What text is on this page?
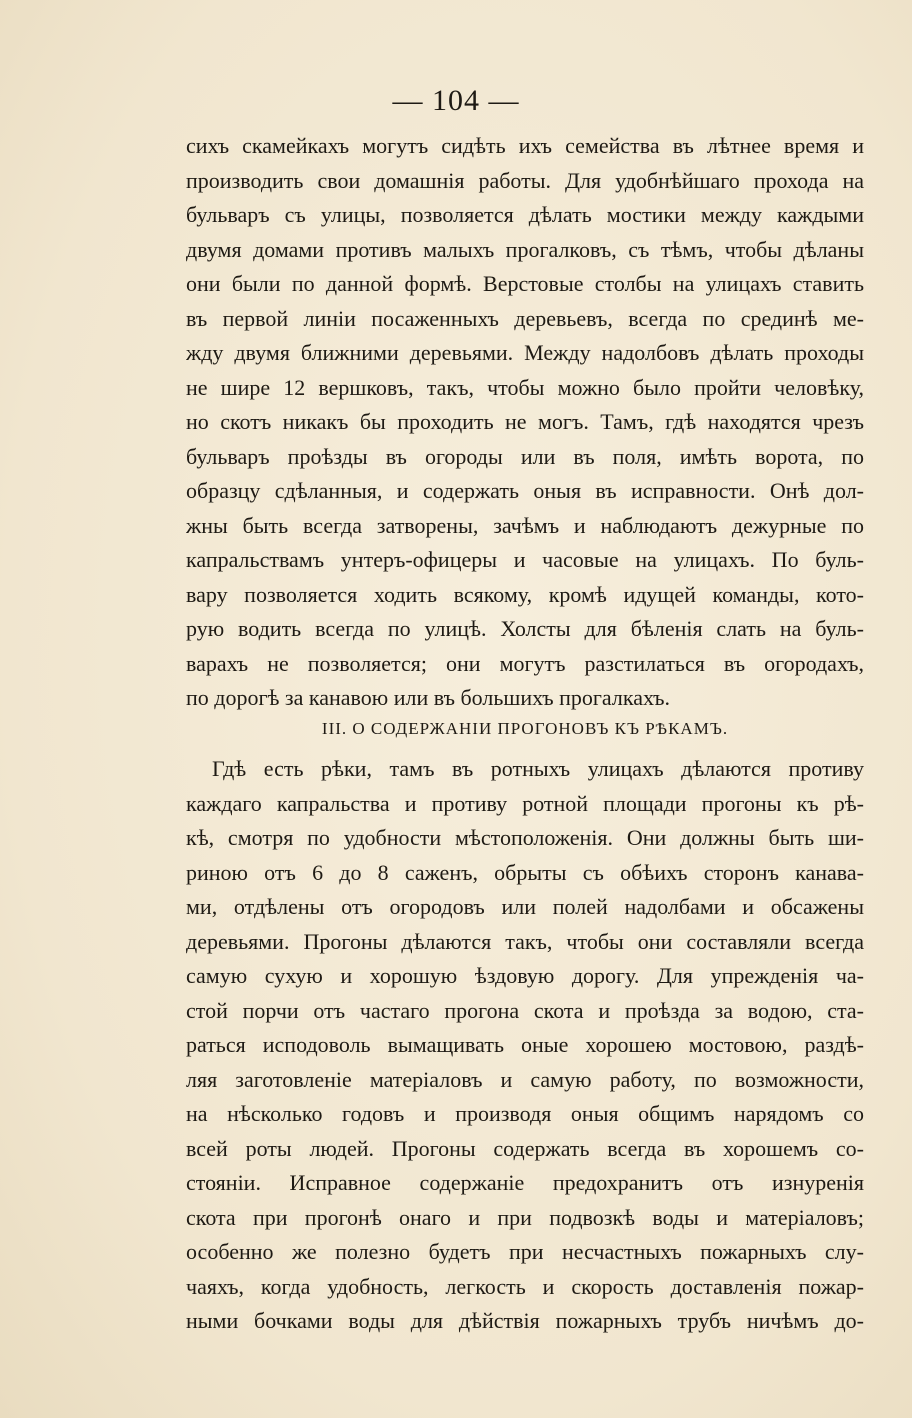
— 104 —
сихъ скамейкахъ могутъ сидѣть ихъ семейства въ лѣтнее время и
производить свои домашнія работы. Для удобнѣйшаго прохода на
бульваръ съ улицы, позволяется дѣлать мостики между каждыми
двумя домами противъ малыхъ прогалковъ, съ тѣмъ, чтобы дѣланы
они были по данной формѣ. Верстовые столбы на улицахъ ставить
въ первой линіи посаженныхъ деревьевъ, всегда по срединѣ ме-
жду двумя ближними деревьями. Между надолбовъ дѣлать проходы
не шире 12 вершковъ, такъ, чтобы можно было пройти человѣку,
но скотъ никакъ бы проходить не могъ. Тамъ, гдѣ находятся чрезъ
бульваръ проѣзды въ огороды или въ поля, имѣть ворота, по
образцу сдѣланныя, и содержать оныя въ исправности. Онѣ дол-
жны быть всегда затворены, зачѣмъ и наблюдаютъ дежурные по
капральствамъ унтеръ-офицеры и часовые на улицахъ. По буль-
вару позволяется ходить всякому, кромѣ идущей команды, кото-
рую водить всегда по улицѣ. Холсты для бѣленія слать на буль-
варахъ не позволяется; они могутъ разстилаться въ огородахъ,
по дорогѣ за канавою или въ большихъ прогалкахъ.
III. О СОДЕРЖАНІИ ПРОГОНОВЪ КЪ РѢКАМЪ.
Гдѣ есть рѣки, тамъ въ ротныхъ улицахъ дѣлаются противу
каждаго капральства и противу ротной площади прогоны къ рѣ-
кѣ, смотря по удобности мѣстоположенія. Они должны быть ши-
риною отъ 6 до 8 саженъ, обрыты съ обѣихъ сторонъ канава-
ми, отдѣлены отъ огородовъ или полей надолбами и обсажены
деревьями. Прогоны дѣлаются такъ, чтобы они составляли всегда
самую сухую и хорошую ѣздовую дорогу. Для упрежденія ча-
стой порчи отъ частаго прогона скота и проѣзда за водою, ста-
раться исподоволь вымащивать оные хорошею мостовою, раздѣ-
ляя заготовленіе матеріаловъ и самую работу, по возможности,
на нѣсколько годовъ и производя оныя общимъ нарядомъ со
всей роты людей. Прогоны содержать всегда въ хорошемъ со-
стояніи. Исправное содержаніе предохранитъ отъ изнуренія
скота при прогонѣ онаго и при подвозкѣ воды и матеріаловъ;
особенно же полезно будетъ при несчастныхъ пожарныхъ слу-
чаяхъ, когда удобность, легкость и скорость доставленія пожар-
ными бочками воды для дѣйствія пожарныхъ трубъ ничѣмъ до-
